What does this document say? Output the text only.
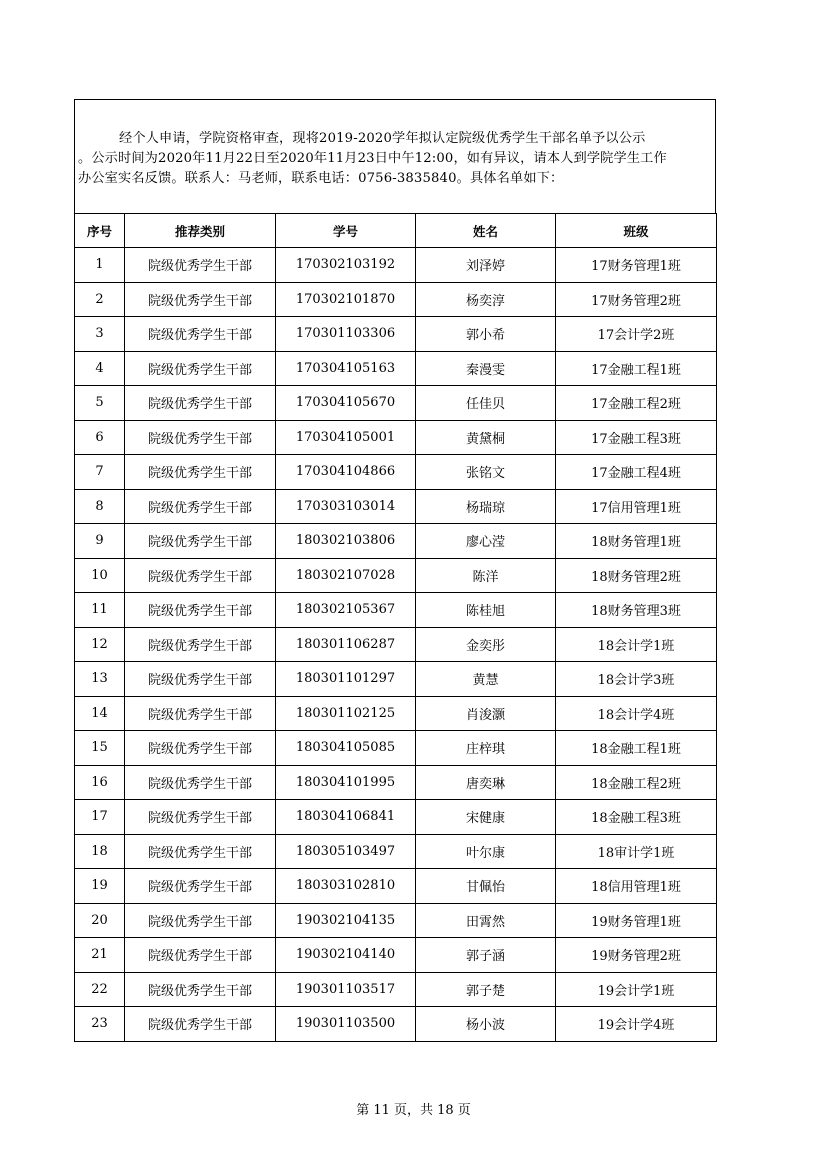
经个人申请，学院资格审查，现将2019-2020学年拟认定院级优秀学生干部名单予以公示
。公示时间为2020年11月22日至2020年11月23日中午12:00，如有异议，请本人到学院学生工作
办公室实名反馈。联系人：马老师，联系电话：0756-3835840。具体名单如下：
序号	推荐类别	学号	姓名	班级
1	院级优秀学生干部	170302103192	刘泽婷	17财务管理1班
2	院级优秀学生干部	170302101870	杨奕淳	17财务管理2班
3	院级优秀学生干部	170301103306	郭小希	17会计学2班
4	院级优秀学生干部	170304105163	秦漫雯	17金融工程1班
5	院级优秀学生干部	170304105670	任佳贝	17金融工程2班
6	院级优秀学生干部	170304105001	黄黛桐	17金融工程3班
7	院级优秀学生干部	170304104866	张铭文	17金融工程4班
8	院级优秀学生干部	170303103014	杨瑞琼	17信用管理1班
9	院级优秀学生干部	180302103806	廖心滢	18财务管理1班
10	院级优秀学生干部	180302107028	陈洋	18财务管理2班
11	院级优秀学生干部	180302105367	陈桂旭	18财务管理3班
12	院级优秀学生干部	180301106287	金奕彤	18会计学1班
13	院级优秀学生干部	180301101297	黄慧	18会计学3班
14	院级优秀学生干部	180301102125	肖浚灏	18会计学4班
15	院级优秀学生干部	180304105085	庄梓琪	18金融工程1班
16	院级优秀学生干部	180304101995	唐奕琳	18金融工程2班
17	院级优秀学生干部	180304106841	宋健康	18金融工程3班
18	院级优秀学生干部	180305103497	叶尔康	18审计学1班
19	院级优秀学生干部	180303102810	甘佩怡	18信用管理1班
20	院级优秀学生干部	190302104135	田霄然	19财务管理1班
21	院级优秀学生干部	190302104140	郭子涵	19财务管理2班
22	院级优秀学生干部	190301103517	郭子楚	19会计学1班
23	院级优秀学生干部	190301103500	杨小波	19会计学4班
第 11 页，共 18 页
